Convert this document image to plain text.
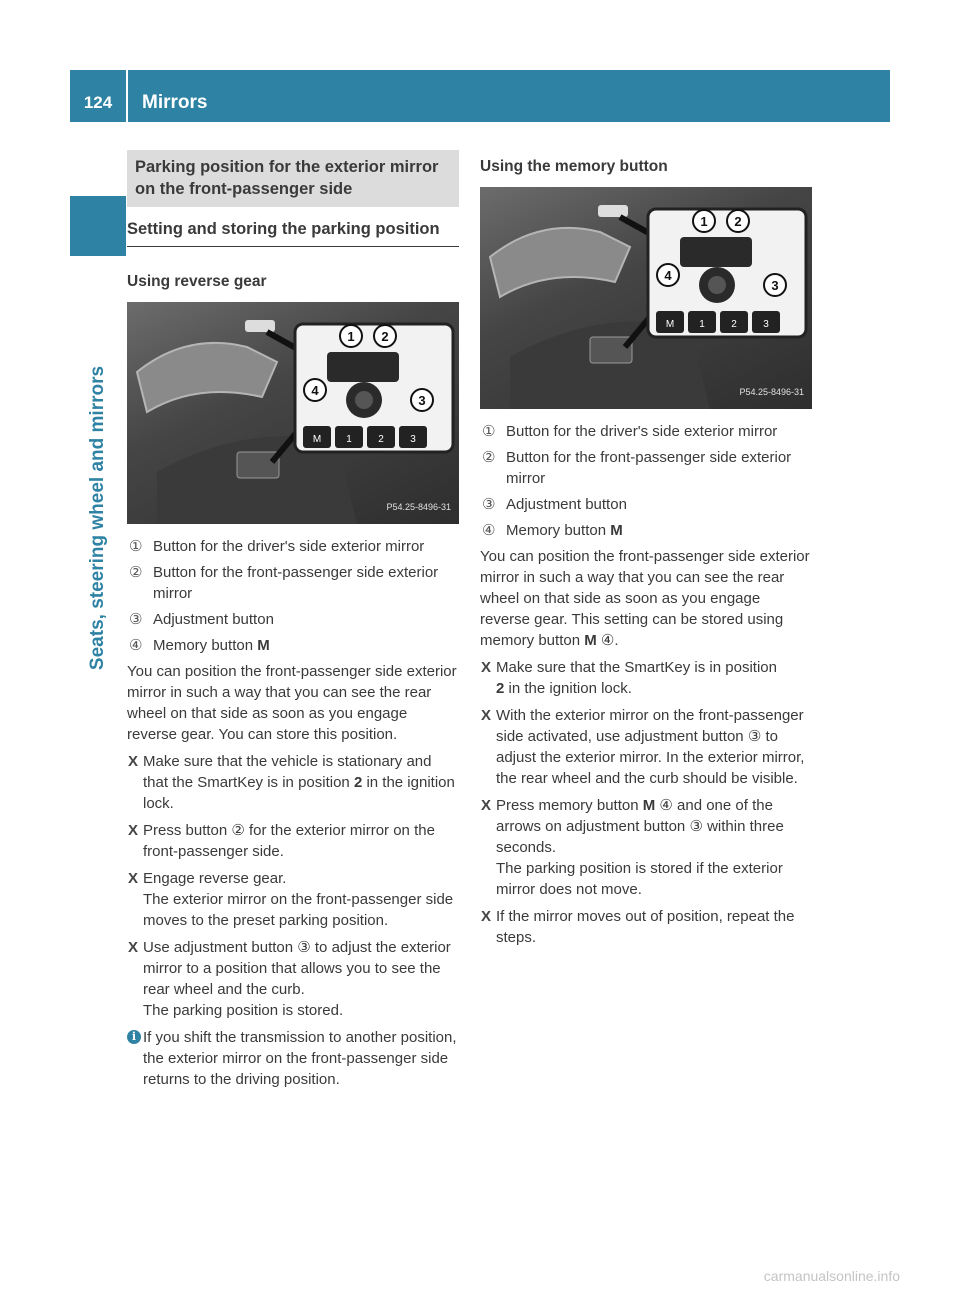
124	Mirrors
Seats, steering wheel and mirrors
Parking position for the exterior mirror on the front-passenger side
Setting and storing the parking position
Using reverse gear
M	1	2	3
1 2
3
4
P54.25-8496-31
① Button for the driver's side exterior mirror
② Button for the front-passenger side exterior mirror
③ Adjustment button
④ Memory button M

You can position the front-passenger side exterior mirror in such a way that you can see the rear wheel on that side as soon as you engage reverse gear. You can store this position.

X Make sure that the vehicle is stationary and that the SmartKey is in position 2 in the ignition lock.
X Press button ② for the exterior mirror on the front-passenger side.
X Engage reverse gear.
The exterior mirror on the front-passenger side moves to the preset parking position.
X Use adjustment button ③ to adjust the exterior mirror to a position that allows you to see the rear wheel and the curb.
The parking position is stored.
i If you shift the transmission to another position, the exterior mirror on the front-passenger side returns to the driving position.
Using the memory button
M	1	2	3
1 2
3
4
P54.25-8496-31
① Button for the driver's side exterior mirror
② Button for the front-passenger side exterior mirror
③ Adjustment button
④ Memory button M

You can position the front-passenger side exterior mirror in such a way that you can see the rear wheel on that side as soon as you engage reverse gear. This setting can be stored using memory button M ④.

X Make sure that the SmartKey is in position
2 in the ignition lock.
X With the exterior mirror on the front-passenger side activated, use adjustment button ③ to adjust the exterior mirror. In the exterior mirror, the rear wheel and the curb should be visible.
X Press memory button M ④ and one of the arrows on adjustment button ③ within three seconds.
The parking position is stored if the exterior mirror does not move.
X If the mirror moves out of position, repeat the steps.
carmanualsonline.info
